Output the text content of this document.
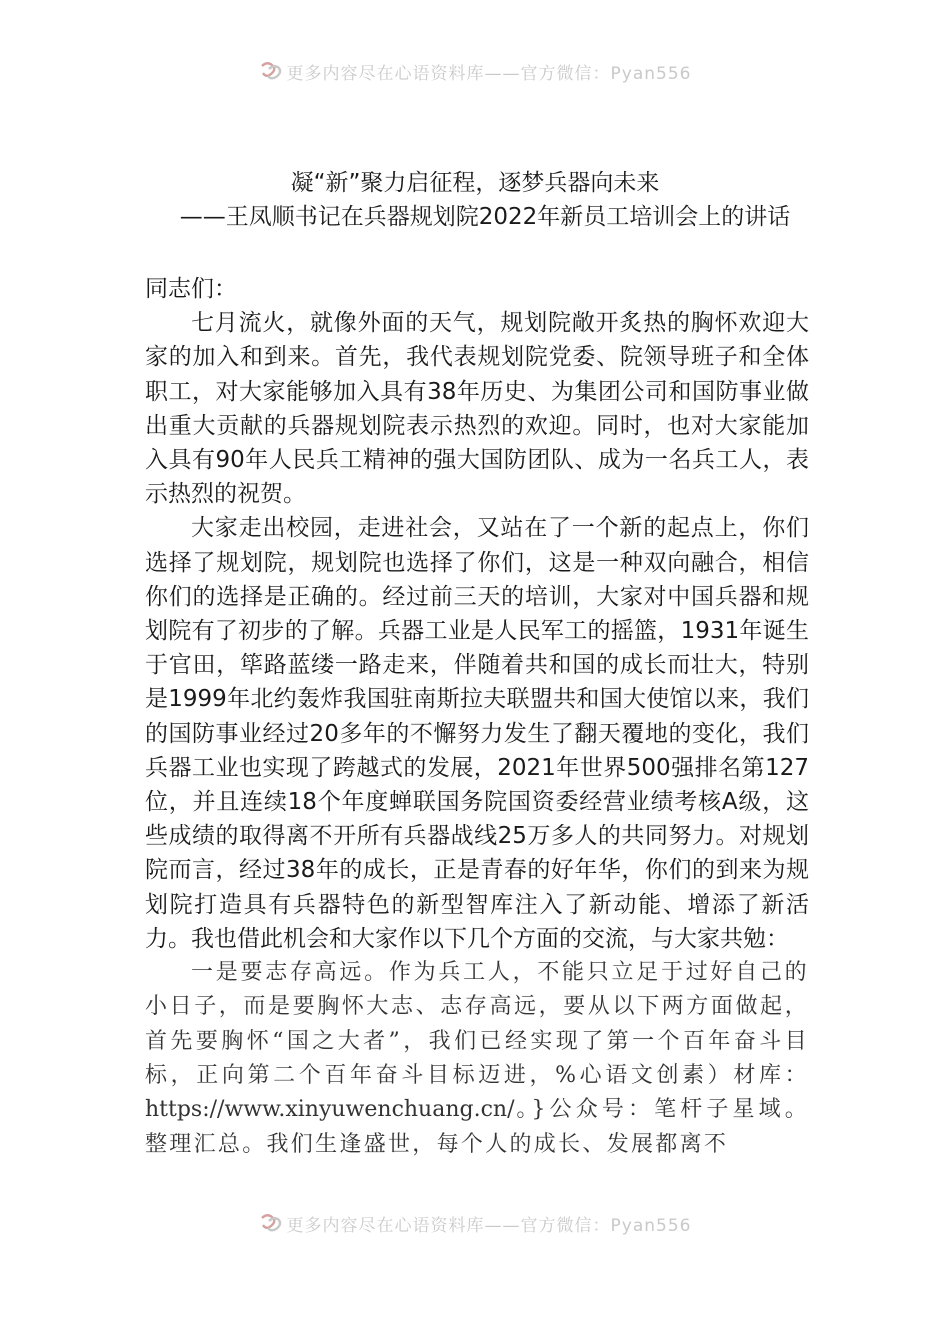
更多内容尽在心语资料库——官方微信：Pyan556
凝“新”聚力启征程，逐梦兵器向未来
——王凤顺书记在兵器规划院2022年新员工培训会上的讲话

同志们：

七月流火，就像外面的天气，规划院敞开炙热的胸怀欢迎大家的加入和到来。首先，我代表规划院党委、院领导班子和全体职工，对大家能够加入具有38年历史、为集团公司和国防事业做出重大贡献的兵器规划院表示热烈的欢迎。同时，也对大家能加入具有90年人民兵工精神的强大国防团队、成为一名兵工人，表示热烈的祝贺。

大家走出校园，走进社会，又站在了一个新的起点上，你们选择了规划院，规划院也选择了你们，这是一种双向融合，相信你们的选择是正确的。经过前三天的培训，大家对中国兵器和规划院有了初步的了解。兵器工业是人民军工的摇篮，1931年诞生于官田，筚路蓝缕一路走来，伴随着共和国的成长而壮大，特别是1999年北约轰炸我国驻南斯拉夫联盟共和国大使馆以来，我们的国防事业经过20多年的不懈努力发生了翻天覆地的变化，我们兵器工业也实现了跨越式的发展，2021年世界500强排名第127位，并且连续18个年度蝉联国务院国资委经营业绩考核A级，这些成绩的取得离不开所有兵器战线25万多人的共同努力。对规划院而言，经过38年的成长，正是青春的好年华，你们的到来为规划院打造具有兵器特色的新型智库注入了新动能、增添了新活力。我也借此机会和大家作以下几个方面的交流，与大家共勉：

一是要志存高远。作为兵工人，不能只立足于过好自己的小日子，而是要胸怀大志、志存高远，要从以下两方面做起，首先要胸怀“国之大者”，我们已经实现了第一个百年奋斗目标，正向第二个百年奋斗目标迈进，%心语文创素）材库：https://www.xinyuwenchuang.cn/。}公众号：笔杆子星域。整理汇总。我们生逢盛世，每个人的成长、发展都离不

更多内容尽在心语资料库——官方微信：Pyan556
